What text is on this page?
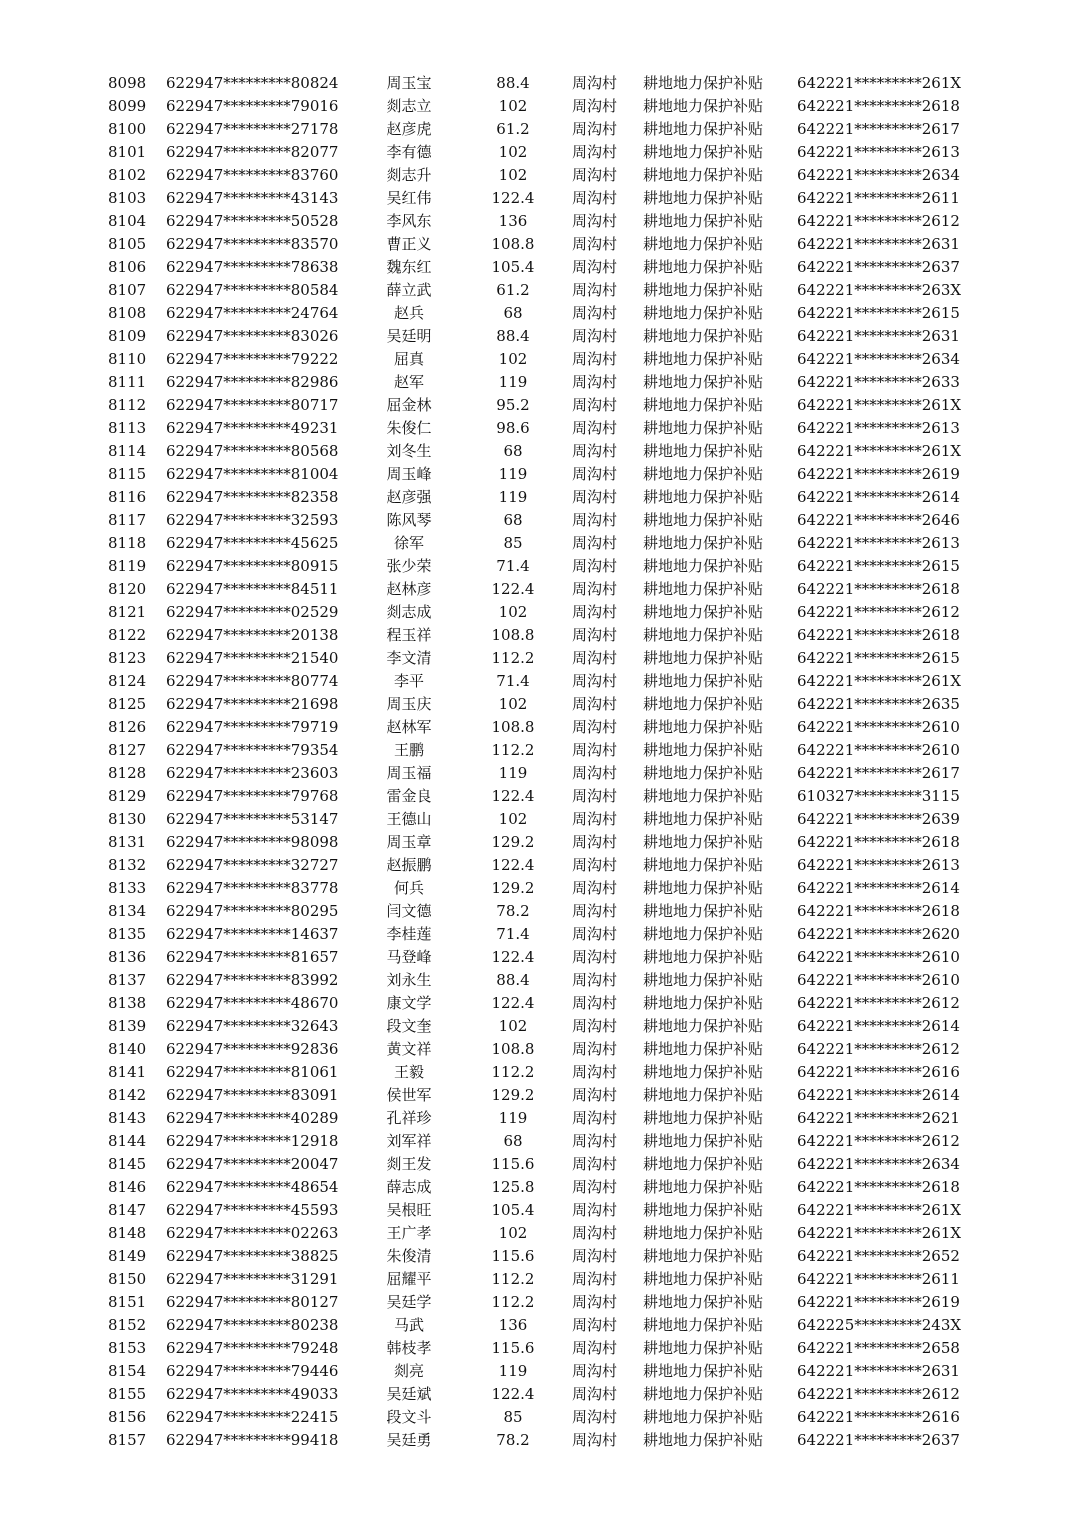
8098	622947*********80824	周玉宝	88.4	周沟村	耕地地力保护补贴	642221*********261X
8099	622947*********79016	剡志立	102	周沟村	耕地地力保护补贴	642221*********2618
8100	622947*********27178	赵彦虎	61.2	周沟村	耕地地力保护补贴	642221*********2617
8101	622947*********82077	李有德	102	周沟村	耕地地力保护补贴	642221*********2613
8102	622947*********83760	剡志升	102	周沟村	耕地地力保护补贴	642221*********2634
8103	622947*********43143	吴红伟	122.4	周沟村	耕地地力保护补贴	642221*********2611
8104	622947*********50528	李风东	136	周沟村	耕地地力保护补贴	642221*********2612
8105	622947*********83570	曹正义	108.8	周沟村	耕地地力保护补贴	642221*********2631
8106	622947*********78638	魏东红	105.4	周沟村	耕地地力保护补贴	642221*********2637
8107	622947*********80584	薛立武	61.2	周沟村	耕地地力保护补贴	642221*********263X
8108	622947*********24764	赵兵	68	周沟村	耕地地力保护补贴	642221*********2615
8109	622947*********83026	吴廷明	88.4	周沟村	耕地地力保护补贴	642221*********2631
8110	622947*********79222	屈真	102	周沟村	耕地地力保护补贴	642221*********2634
8111	622947*********82986	赵军	119	周沟村	耕地地力保护补贴	642221*********2633
8112	622947*********80717	屈金林	95.2	周沟村	耕地地力保护补贴	642221*********261X
8113	622947*********49231	朱俊仁	98.6	周沟村	耕地地力保护补贴	642221*********2613
8114	622947*********80568	刘冬生	68	周沟村	耕地地力保护补贴	642221*********261X
8115	622947*********81004	周玉峰	119	周沟村	耕地地力保护补贴	642221*********2619
8116	622947*********82358	赵彦强	119	周沟村	耕地地力保护补贴	642221*********2614
8117	622947*********32593	陈风琴	68	周沟村	耕地地力保护补贴	642221*********2646
8118	622947*********45625	徐军	85	周沟村	耕地地力保护补贴	642221*********2613
8119	622947*********80915	张少荣	71.4	周沟村	耕地地力保护补贴	642221*********2615
8120	622947*********84511	赵林彦	122.4	周沟村	耕地地力保护补贴	642221*********2618
8121	622947*********02529	剡志成	102	周沟村	耕地地力保护补贴	642221*********2612
8122	622947*********20138	程玉祥	108.8	周沟村	耕地地力保护补贴	642221*********2618
8123	622947*********21540	李文清	112.2	周沟村	耕地地力保护补贴	642221*********2615
8124	622947*********80774	李平	71.4	周沟村	耕地地力保护补贴	642221*********261X
8125	622947*********21698	周玉庆	102	周沟村	耕地地力保护补贴	642221*********2635
8126	622947*********79719	赵林军	108.8	周沟村	耕地地力保护补贴	642221*********2610
8127	622947*********79354	王鹏	112.2	周沟村	耕地地力保护补贴	642221*********2610
8128	622947*********23603	周玉福	119	周沟村	耕地地力保护补贴	642221*********2617
8129	622947*********79768	雷金良	122.4	周沟村	耕地地力保护补贴	610327*********3115
8130	622947*********53147	王德山	102	周沟村	耕地地力保护补贴	642221*********2639
8131	622947*********98098	周玉章	129.2	周沟村	耕地地力保护补贴	642221*********2618
8132	622947*********32727	赵振鹏	122.4	周沟村	耕地地力保护补贴	642221*********2613
8133	622947*********83778	何兵	129.2	周沟村	耕地地力保护补贴	642221*********2614
8134	622947*********80295	闫文德	78.2	周沟村	耕地地力保护补贴	642221*********2618
8135	622947*********14637	李桂莲	71.4	周沟村	耕地地力保护补贴	642221*********2620
8136	622947*********81657	马登峰	122.4	周沟村	耕地地力保护补贴	642221*********2610
8137	622947*********83992	刘永生	88.4	周沟村	耕地地力保护补贴	642221*********2610
8138	622947*********48670	康文学	122.4	周沟村	耕地地力保护补贴	642221*********2612
8139	622947*********32643	段文奎	102	周沟村	耕地地力保护补贴	642221*********2614
8140	622947*********92836	黄文祥	108.8	周沟村	耕地地力保护补贴	642221*********2612
8141	622947*********81061	王毅	112.2	周沟村	耕地地力保护补贴	642221*********2616
8142	622947*********83091	侯世军	129.2	周沟村	耕地地力保护补贴	642221*********2614
8143	622947*********40289	孔祥珍	119	周沟村	耕地地力保护补贴	642221*********2621
8144	622947*********12918	刘军祥	68	周沟村	耕地地力保护补贴	642221*********2612
8145	622947*********20047	剡王发	115.6	周沟村	耕地地力保护补贴	642221*********2634
8146	622947*********48654	薛志成	125.8	周沟村	耕地地力保护补贴	642221*********2618
8147	622947*********45593	吴根旺	105.4	周沟村	耕地地力保护补贴	642221*********261X
8148	622947*********02263	王广孝	102	周沟村	耕地地力保护补贴	642221*********261X
8149	622947*********38825	朱俊清	115.6	周沟村	耕地地力保护补贴	642221*********2652
8150	622947*********31291	屈耀平	112.2	周沟村	耕地地力保护补贴	642221*********2611
8151	622947*********80127	吴廷学	112.2	周沟村	耕地地力保护补贴	642221*********2619
8152	622947*********80238	马武	136	周沟村	耕地地力保护补贴	642225*********243X
8153	622947*********79248	韩枝孝	115.6	周沟村	耕地地力保护补贴	642221*********2658
8154	622947*********79446	剡亮	119	周沟村	耕地地力保护补贴	642221*********2631
8155	622947*********49033	吴廷斌	122.4	周沟村	耕地地力保护补贴	642221*********2612
8156	622947*********22415	段文斗	85	周沟村	耕地地力保护补贴	642221*********2616
8157	622947*********99418	吴廷勇	78.2	周沟村	耕地地力保护补贴	642221*********2637
